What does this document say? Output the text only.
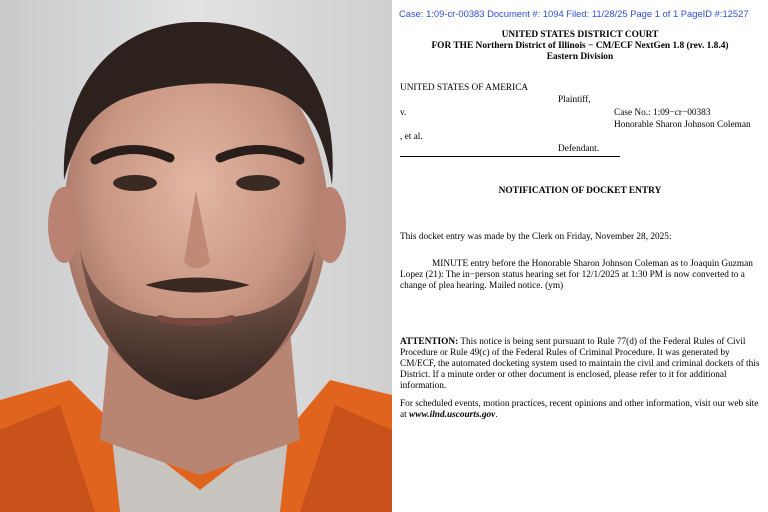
Case: 1:09-cr-00383 Document #: 1094 Filed: 11/28/25 Page 1 of 1 PageID #:12527
UNITED STATES DISTRICT COURT
FOR THE Northern District of Illinois − CM/ECF NextGen 1.8 (rev. 1.8.4)
Eastern Division
UNITED STATES OF AMERICA
Plaintiff,
v.	Case No.: 1:09−cr−00383
Honorable Sharon Johnson Coleman
, et al.
Defendant.
NOTIFICATION OF DOCKET ENTRY
This docket entry was made by the Clerk on Friday, November 28, 2025:
MINUTE entry before the Honorable Sharon Johnson Coleman as to Joaquin Guzman Lopez (21): The in−person status hearing set for 12/1/2025 at 1:30 PM is now converted to a change of plea hearing. Mailed notice. (ym)
ATTENTION: This notice is being sent pursuant to Rule 77(d) of the Federal Rules of Civil Procedure or Rule 49(c) of the Federal Rules of Criminal Procedure. It was generated by CM/ECF, the automated docketing system used to maintain the civil and criminal dockets of this District. If a minute order or other document is enclosed, please refer to it for additional information.
For scheduled events, motion practices, recent opinions and other information, visit our web site at www.ilnd.uscourts.gov.
